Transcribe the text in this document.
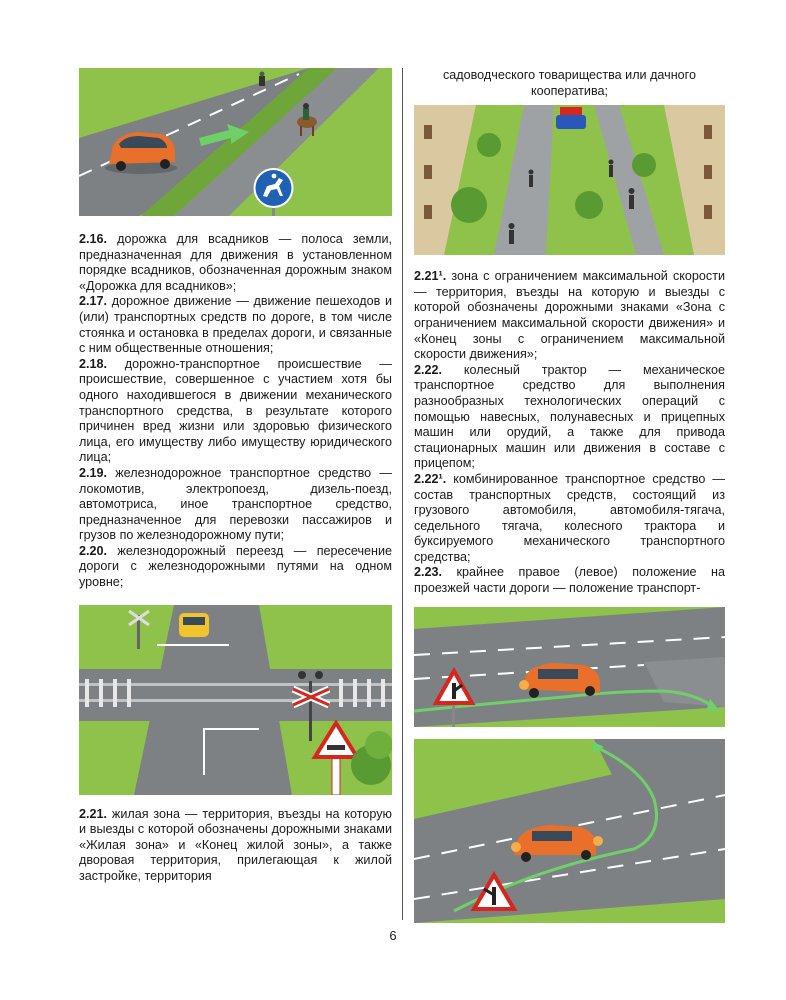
2.16. дорожка для всадников — полоса земли, предназначенная для движения в установленном порядке всадников, обозначенная дорожным знаком «Дорожка для всадников»;

2.17. дорожное движение — движение пешеходов и (или) транспортных средств по дороге, в том числе стоянка и остановка в пределах дороги, и связанные с ним общественные отношения;

2.18. дорожно-транспортное происшествие — происшествие, совершенное с участием хотя бы одного находившегося в движении механического транспортного средства, в результате которого причинен вред жизни или здоровью физического лица, его имуществу либо имуществу юридического лица;

2.19. железнодорожное транспортное средство — локомотив, электропоезд, дизель-поезд, автомотриса, иное транспортное средство, предназначенное для перевозки пассажиров и грузов по железнодорожному пути;

2.20. железнодорожный переезд — пересечение дороги с железнодорожными путями на одном уровне;

2.21. жилая зона — территория, въезды на которую и выезды с которой обозначены дорожными знаками «Жилая зона» и «Конец жилой зоны», а также дворовая территория, прилегающая к жилой застройке, территория

садоводческого товарищества или дачного кооператива;

2.21¹. зона с ограничением максимальной скорости — территория, въезды на которую и выезды с которой обозначены дорожными знаками «Зона с ограничением максимальной скорости движения» и «Конец зоны с ограничением максимальной скорости движения»;

2.22. колесный трактор — механическое транспортное средство для выполнения разнообразных технологических операций с помощью навесных, полунавесных и прицепных машин или орудий, а также для привода стационарных машин или движения в составе с прицепом;

2.22¹. комбинированное транспортное средство — состав транспортных средств, состоящий из грузового автомобиля, автомобиля-тягача, седельного тягача, колесного трактора и буксируемого механического транспортного средства;

2.23. крайнее правое (левое) положение на проезжей части дороги — положение транспорт-

6
